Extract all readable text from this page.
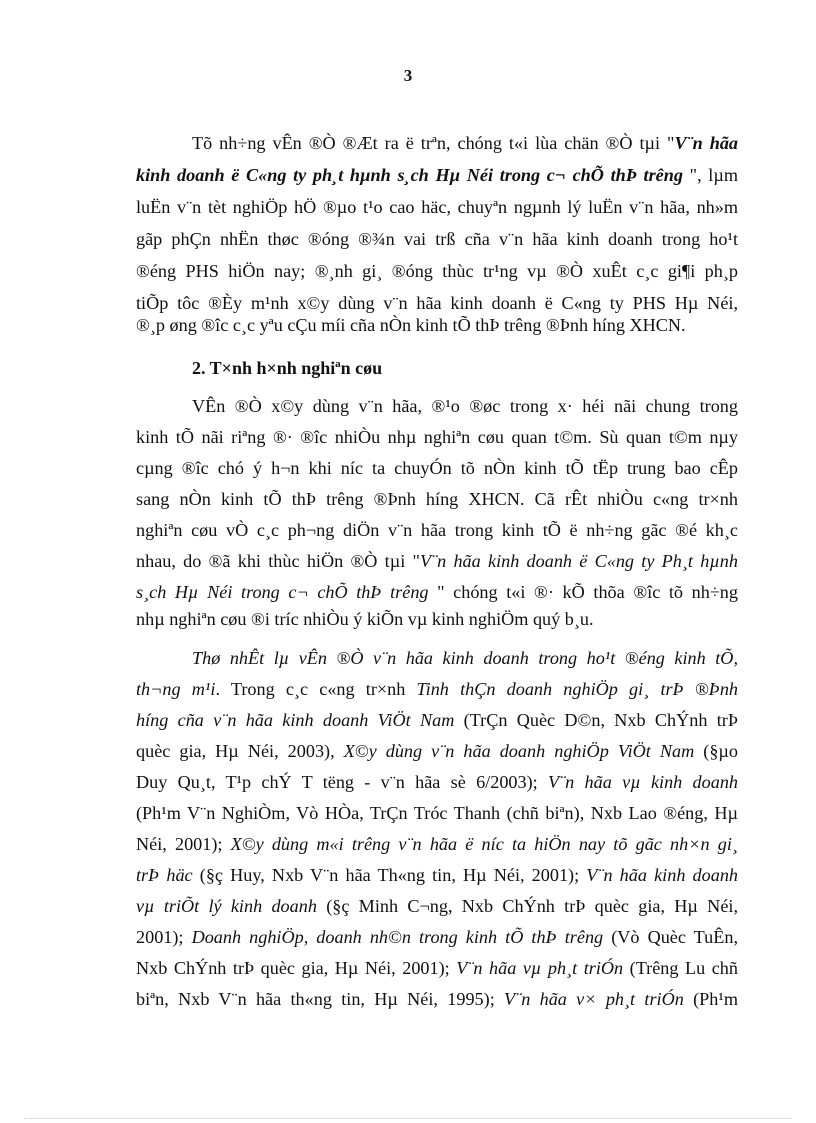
3
Tõ nh÷ng vÊn ®Ò ®Æt ra ë trªn, chóng t«i lùa chän ®Ò tµi "V¨n hãa
kinh doanh ë C«ng ty ph¸t hµnh s¸ch Hµ Néi trong c¬ chÕ thÞ trêng ", lµm
luËn v¨n tèt nghiÖp hÖ ®µo t¹o cao häc, chuyªn ngµnh lý luËn v¨n hãa, nh»m
gãp phÇn nhËn thøc ®óng ®¾n vai trß cña v¨n hãa kinh doanh trong ho¹t
®éng PHS hiÖn nay; ®¸nh gi¸ ®óng thùc tr¹ng vµ ®Ò xuÊt c¸c gi¶i ph¸p
tiÕp tôc ®Èy m¹nh x©y dùng v¨n hãa kinh doanh ë C«ng ty PHS Hµ Néi,
®¸p øng ®îc c¸c yªu cÇu míi cña nÒn kinh tÕ thÞ trêng ®Þnh híng XHCN.
2. T×nh h×nh nghiªn cøu
VÊn ®Ò x©y dùng v¨n hãa, ®¹o ®øc trong x· héi nãi chung trong
kinh tÕ nãi riªng ®· ®îc nhiÒu nhµ nghiªn cøu quan t©m. Sù quan t©m nµy
cµng ®îc chó ý h¬n khi níc ta chuyÓn tõ nÒn kinh tÕ tËp trung bao cÊp
sang nÒn kinh tÕ thÞ trêng ®Þnh híng XHCN. Cã rÊt nhiÒu c«ng tr×nh
nghiªn cøu vÒ c¸c ph¬ng diÖn v¨n hãa trong kinh tÕ ë nh÷ng gãc ®é kh¸c
nhau, do ®ã khi thùc hiÖn ®Ò tµi "V¨n hãa kinh doanh ë C«ng ty Ph¸t hµnh
s¸ch Hµ Néi trong c¬ chÕ thÞ trêng " chóng t«i ®· kÕ thõa ®îc tõ nh÷ng
nhµ nghiªn cøu ®i tríc nhiÒu ý kiÕn vµ kinh nghiÖm quý b¸u.
Thø nhÊt lµ vÊn ®Ò v¨n hãa kinh doanh trong ho¹t ®éng kinh tÕ,
th¬ng m¹i. Trong c¸c c«ng tr×nh Tinh thÇn doanh nghiÖp gi¸ trÞ ®Þnh
híng cña v¨n hãa kinh doanh ViÖt Nam (TrÇn Quèc D©n, Nxb ChÝnh trÞ
quèc gia, Hµ Néi, 2003), X©y dùng v¨n hãa doanh nghiÖp ViÖt Nam (§µo
Duy Qu¸t, T¹p chÝ T tëng - v¨n hãa sè 6/2003); V¨n hãa vµ kinh doanh
(Ph¹m V¨n NghiÒm, Vò HÒa, TrÇn Tróc Thanh (chñ biªn), Nxb Lao ®éng, Hµ
Néi, 2001); X©y dùng m«i trêng v¨n hãa ë níc ta hiÖn nay tõ gãc nh×n gi¸
trÞ häc (§ç Huy, Nxb V¨n hãa Th«ng tin, Hµ Néi, 2001); V¨n hãa kinh doanh
vµ triÕt lý kinh doanh (§ç Minh C¬ng, Nxb ChÝnh trÞ quèc gia, Hµ Néi,
2001); Doanh nghiÖp, doanh nh©n trong kinh tÕ thÞ trêng (Vò Quèc TuÊn,
Nxb ChÝnh trÞ quèc gia, Hµ Néi, 2001); V¨n hãa vµ ph¸t triÓn (Trêng Lu chñ
biªn, Nxb V¨n hãa th«ng tin, Hµ Néi, 1995); V¨n hãa v× ph¸t triÓn (Ph¹m
